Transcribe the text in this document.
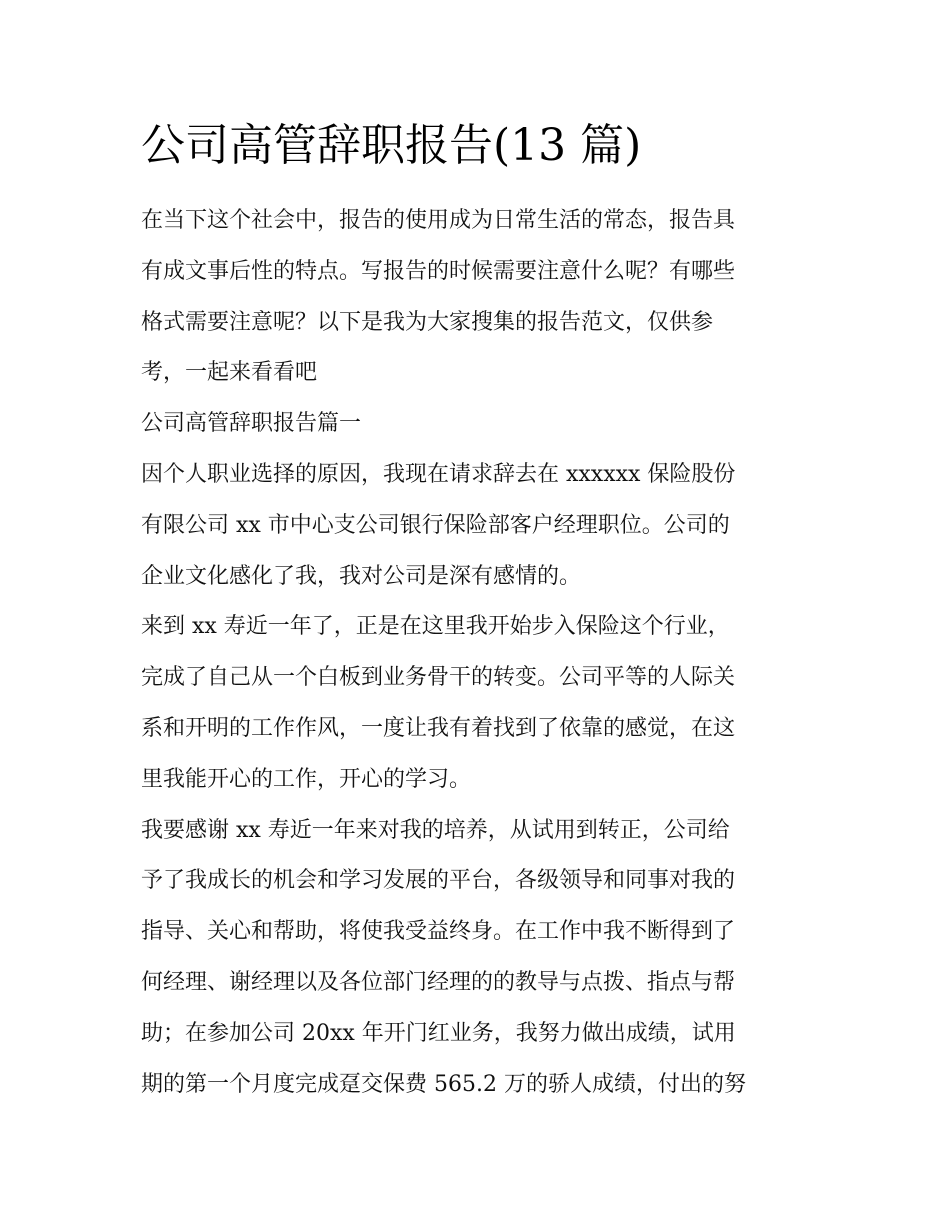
公司高管辞职报告(13 篇)
在当下这个社会中，报告的使用成为日常生活的常态，报告具
有成文事后性的特点。写报告的时候需要注意什么呢？有哪些
格式需要注意呢？以下是我为大家搜集的报告范文，仅供参
考，一起来看看吧
公司高管辞职报告篇一
因个人职业选择的原因，我现在请求辞去在 xxxxxx 保险股份
有限公司 xx 市中心支公司银行保险部客户经理职位。公司的
企业文化感化了我，我对公司是深有感情的。
来到 xx 寿近一年了，正是在这里我开始步入保险这个行业，
完成了自己从一个白板到业务骨干的转变。公司平等的人际关
系和开明的工作作风，一度让我有着找到了依靠的感觉，在这
里我能开心的工作，开心的学习。
我要感谢 xx 寿近一年来对我的培养，从试用到转正，公司给
予了我成长的机会和学习发展的平台，各级领导和同事对我的
指导、关心和帮助，将使我受益终身。在工作中我不断得到了
何经理、谢经理以及各位部门经理的的教导与点拨、指点与帮
助；在参加公司 20xx 年开门红业务，我努力做出成绩，试用
期的第一个月度完成趸交保费 565.2 万的骄人成绩，付出的努
